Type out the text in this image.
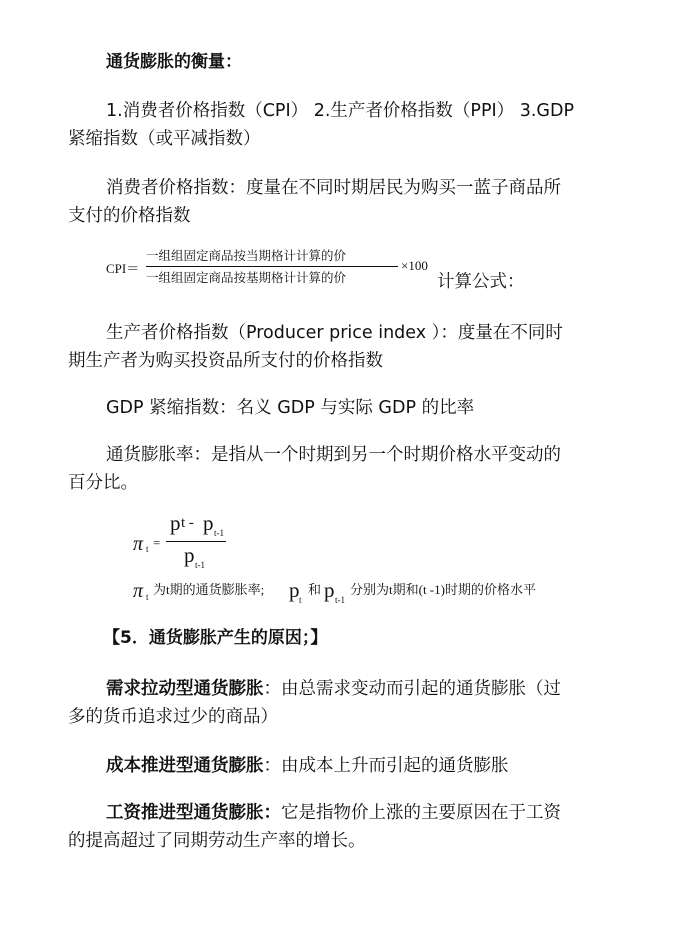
通货膨胀的衡量：
1.消费者价格指数（CPI） 2.生产者价格指数（PPI） 3.GDP
紧缩指数（或平减指数）
消费者价格指数：度量在不同时期居民为购买一蓝子商品所
支付的价格指数
CPI＝
一组组固定商品按当期格计计算的价
一组组固定商品按基期格计计算的价
×100
计算公式：
生产者价格指数（Producer price index ）：度量在不同时
期生产者为购买投资品所支付的价格指数
GDP 紧缩指数：名义 GDP 与实际 GDP 的比率
通货膨胀率：是指从一个时期到另一个时期价格水平变动的
百分比。
π t =
p t - p t-1
p t-1
π t 为t期的通货膨胀率; p t
和 p t-1
分别为t期和(t -1)时期的价格水平
【5．通货膨胀产生的原因；】
需求拉动型通货膨胀：由总需求变动而引起的通货膨胀（过
多的货币追求过少的商品）
成本推进型通货膨胀：由成本上升而引起的通货膨胀
工资推进型通货膨胀：它是指物价上涨的主要原因在于工资
的提高超过了同期劳动生产率的增长。
